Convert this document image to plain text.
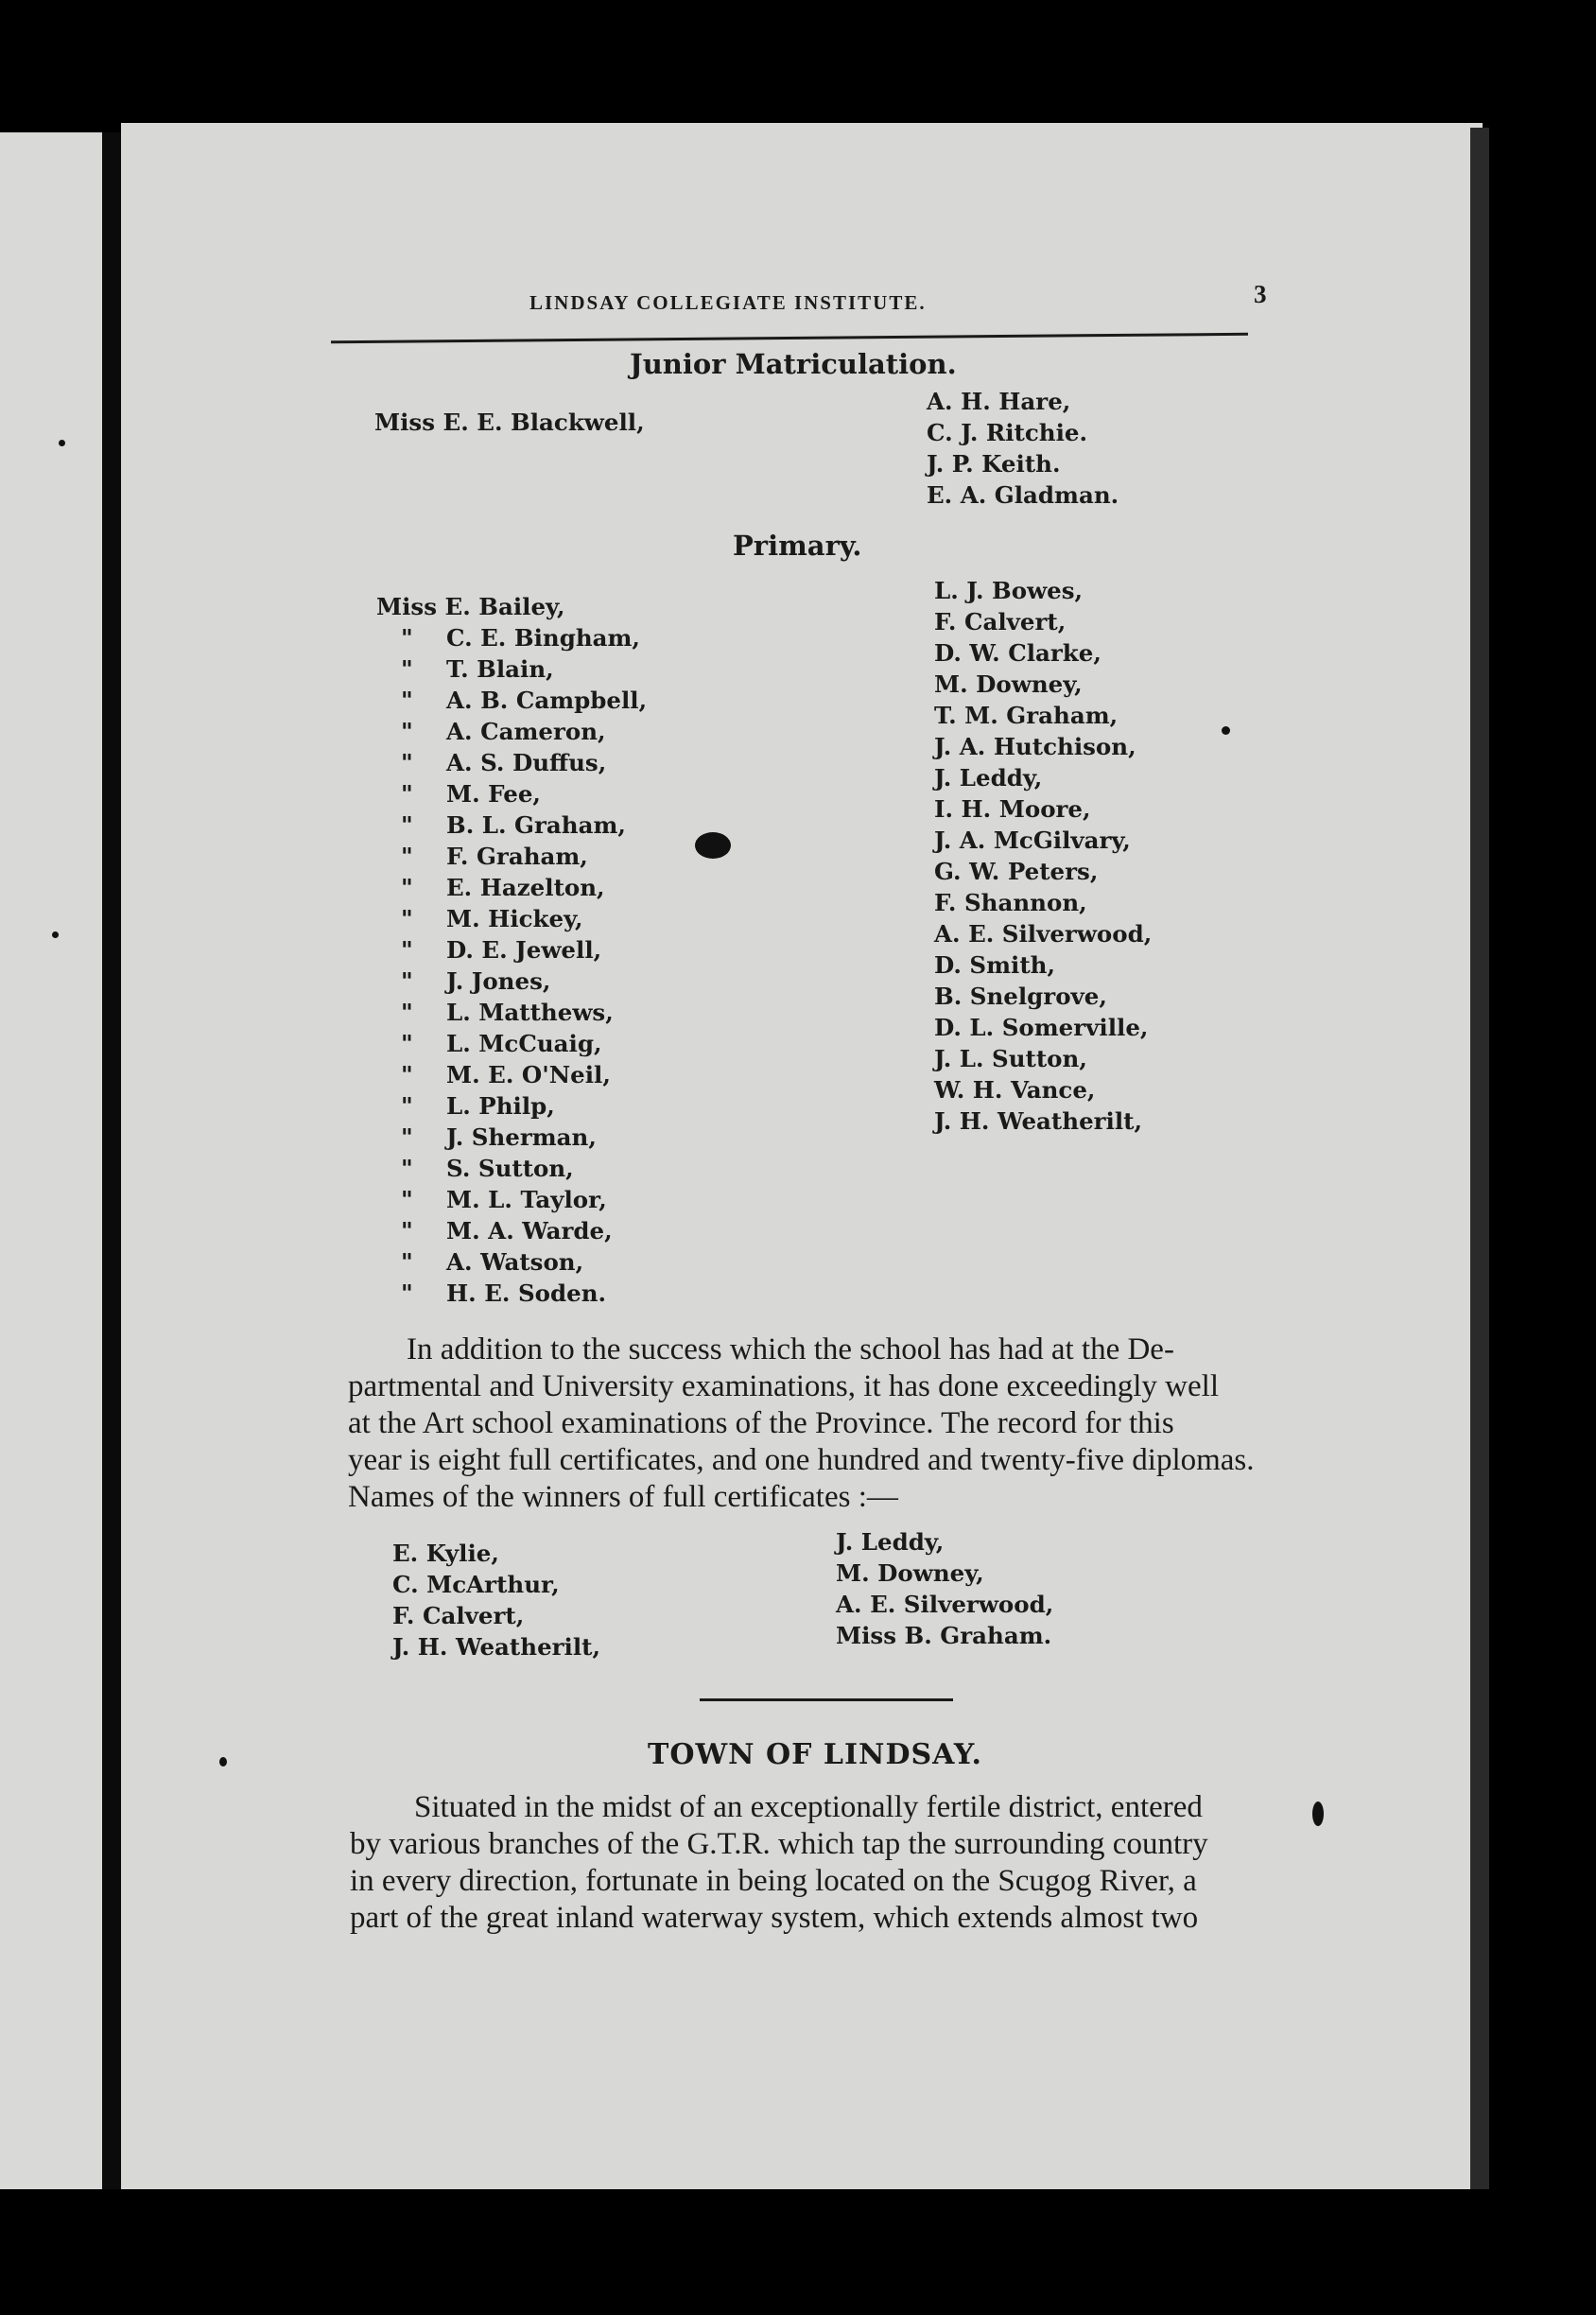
LINDSAY COLLEGIATE INSTITUTE.	3
Junior Matriculation.
Miss E. E. Blackwell,
A. H. Hare,
C. J. Ritchie.
J. P. Keith.
E. A. Gladman.
Primary.
Miss E. Bailey,
" C. E. Bingham,
" T. Blain,
" A. B. Campbell,
" A. Cameron,
" A. S. Duffus,
" M. Fee,
" B. L. Graham,
" F. Graham,
" E. Hazelton,
" M. Hickey,
" D. E. Jewell,
" J. Jones,
" L. Matthews,
" L. McCuaig,
" M. E. O'Neil,
" L. Philp,
" J. Sherman,
" S. Sutton,
" M. L. Taylor,
" M. A. Warde,
" A. Watson,
" H. E. Soden.
L. J. Bowes,
F. Calvert,
D. W. Clarke,
M. Downey,
T. M. Graham,
J. A. Hutchison,
J. Leddy,
I. H. Moore,
J. A. McGilvary,
G. W. Peters,
F. Shannon,
A. E. Silverwood,
D. Smith,
B. Snelgrove,
D. L. Somerville,
J. L. Sutton,
W. H. Vance,
J. H. Weatherilt,
In addition to the success which the school has had at the De-
partmental and University examinations, it has done exceedingly well
at the Art school examinations of the Province. The record for this
year is eight full certificates, and one hundred and twenty-five diplomas.
Names of the winners of full certificates :—
E. Kylie,
C. McArthur,
F. Calvert,
J. H. Weatherilt,
J. Leddy,
M. Downey,
A. E. Silverwood,
Miss B. Graham.
TOWN OF LINDSAY.
Situated in the midst of an exceptionally fertile district, entered
by various branches of the G.T.R. which tap the surrounding country
in every direction, fortunate in being located on the Scugog River, a
part of the great inland waterway system, which extends almost two
